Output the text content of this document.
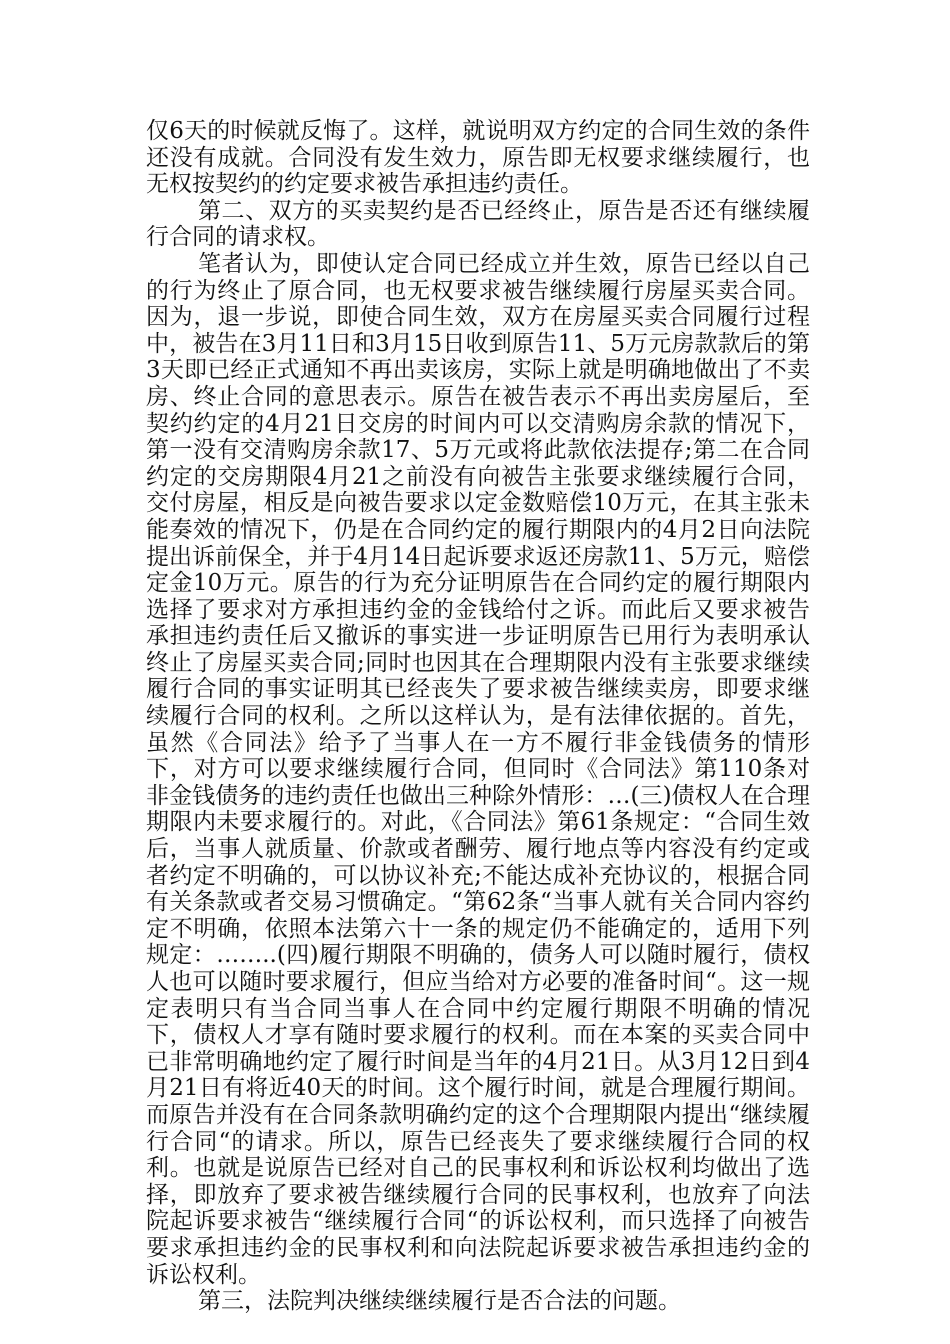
仅6天的时候就反悔了。这样，就说明双方约定的合同生效的条件还没有成就。合同没有发生效力，原告即无权要求继续履行，也无权按契约的约定要求被告承担违约责任。

第二、双方的买卖契约是否已经终止，原告是否还有继续履行合同的请求权。

笔者认为，即使认定合同已经成立并生效，原告已经以自己的行为终止了原合同，也无权要求被告继续履行房屋买卖合同。因为，退一步说，即使合同生效，双方在房屋买卖合同履行过程中，被告在3月11日和3月15日收到原告11、5万元房款款后的第3天即已经正式通知不再出卖该房，实际上就是明确地做出了不卖房、终止合同的意思表示。原告在被告表示不再出卖房屋后，至契约约定的4月21日交房的时间内可以交清购房余款的情况下，第一没有交清购房余款17、5万元或将此款依法提存;第二在合同约定的交房期限4月21之前没有向被告主张要求继续履行合同，交付房屋，相反是向被告要求以定金数赔偿10万元，在其主张未能奏效的情况下，仍是在合同约定的履行期限内的4月2日向法院提出诉前保全，并于4月14日起诉要求返还房款11、5万元，赔偿定金10万元。原告的行为充分证明原告在合同约定的履行期限内选择了要求对方承担违约金的金钱给付之诉。而此后又要求被告承担违约责任后又撤诉的事实进一步证明原告已用行为表明承认终止了房屋买卖合同;同时也因其在合理期限内没有主张要求继续履行合同的事实证明其已经丧失了要求被告继续卖房，即要求继续履行合同的权利。之所以这样认为，是有法律依据的。首先，虽然《合同法》给予了当事人在一方不履行非金钱债务的情形下，对方可以要求继续履行合同，但同时《合同法》第110条对非金钱债务的违约责任也做出三种除外情形：…(三)债权人在合理期限内未要求履行的。对此，《合同法》第61条规定：“合同生效后，当事人就质量、价款或者酬劳、履行地点等内容没有约定或者约定不明确的，可以协议补充;不能达成补充协议的，根据合同有关条款或者交易习惯确定。“第62条“当事人就有关合同内容约定不明确，依照本法第六十一条的规定仍不能确定的，适用下列规定：……..(四)履行期限不明确的，债务人可以随时履行，债权人也可以随时要求履行，但应当给对方必要的准备时间“。这一规定表明只有当合同当事人在合同中约定履行期限不明确的情况下，债权人才享有随时要求履行的权利。而在本案的买卖合同中已非常明确地约定了履行时间是当年的4月21日。从3月12日到4月21日有将近40天的时间。这个履行时间，就是合理履行期间。而原告并没有在合同条款明确约定的这个合理期限内提出“继续履行合同“的请求。所以，原告已经丧失了要求继续履行合同的权利。也就是说原告已经对自己的民事权利和诉讼权利均做出了选择，即放弃了要求被告继续履行合同的民事权利，也放弃了向法院起诉要求被告“继续履行合同“的诉讼权利，而只选择了向被告要求承担违约金的民事权利和向法院起诉要求被告承担违约金的诉讼权利。

第三，法院判决继续继续履行是否合法的问题。
